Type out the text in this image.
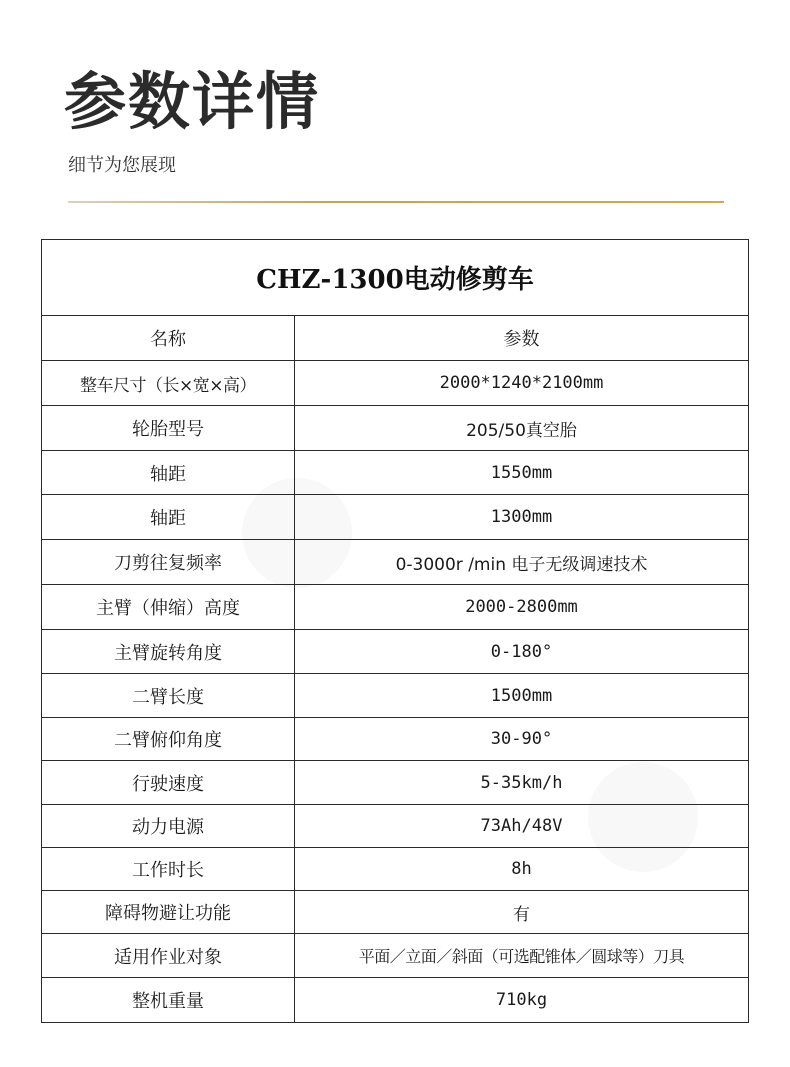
参数详情
细节为您展现
CHZ-1300电动修剪车	
名称	参数
整车尺寸（长×宽×高）	2000*1240*2100mm
轮胎型号	205/50真空胎
轴距	1550mm
轴距	1300mm
刀剪往复频率	0-3000r /min 电子无级调速技术
主臂（伸缩）高度	2000-2800mm
主臂旋转角度	0-180°
二臂长度	1500mm
二臂俯仰角度	30-90°
行驶速度	5-35km/h
动力电源	73Ah/48V
工作时长	8h
障碍物避让功能	有
适用作业对象	平面／立面／斜面（可选配锥体／圆球等）刀具
整机重量	710kg
